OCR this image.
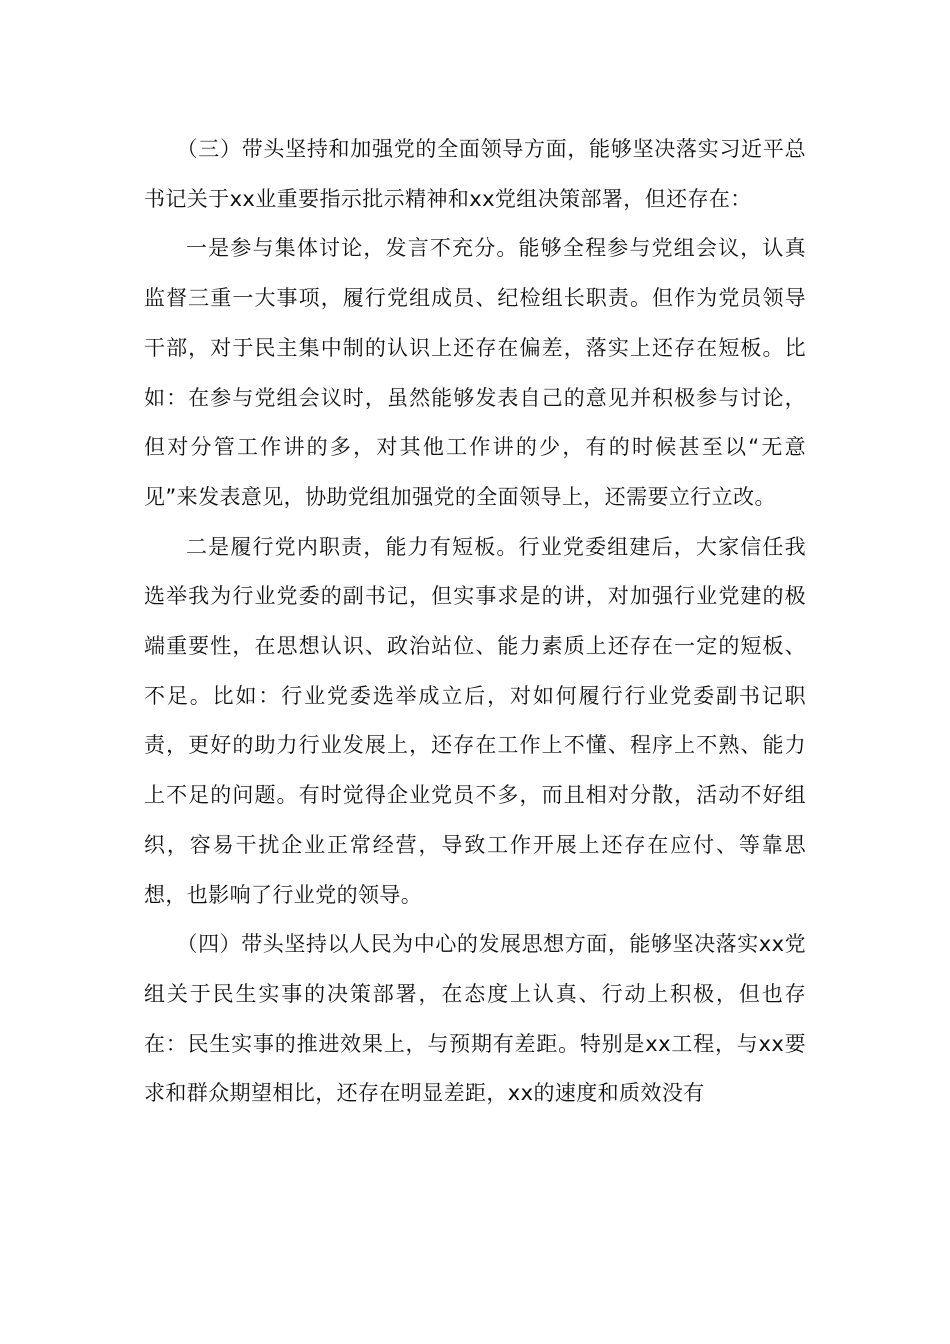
（三）带头坚持和加强党的全面领导方面，能够坚决落实习近平总书记关于xx业重要指示批示精神和xx党组决策部署，但还存在：

一是参与集体讨论，发言不充分。能够全程参与党组会议，认真监督三重一大事项，履行党组成员、纪检组长职责。但作为党员领导干部，对于民主集中制的认识上还存在偏差，落实上还存在短板。比如：在参与党组会议时，虽然能够发表自己的意见并积极参与讨论，但对分管工作讲的多，对其他工作讲的少，有的时候甚至以“无意见”来发表意见，协助党组加强党的全面领导上，还需要立行立改。

二是履行党内职责，能力有短板。行业党委组建后，大家信任我选举我为行业党委的副书记，但实事求是的讲，对加强行业党建的极端重要性，在思想认识、政治站位、能力素质上还存在一定的短板、不足。比如：行业党委选举成立后，对如何履行行业党委副书记职责，更好的助力行业发展上，还存在工作上不懂、程序上不熟、能力上不足的问题。有时觉得企业党员不多，而且相对分散，活动不好组织，容易干扰企业正常经营，导致工作开展上还存在应付、等靠思想，也影响了行业党的领导。

（四）带头坚持以人民为中心的发展思想方面，能够坚决落实xx党组关于民生实事的决策部署，在态度上认真、行动上积极，但也存在：民生实事的推进效果上，与预期有差距。特别是xx工程，与xx要求和群众期望相比，还存在明显差距，xx的速度和质效没有
